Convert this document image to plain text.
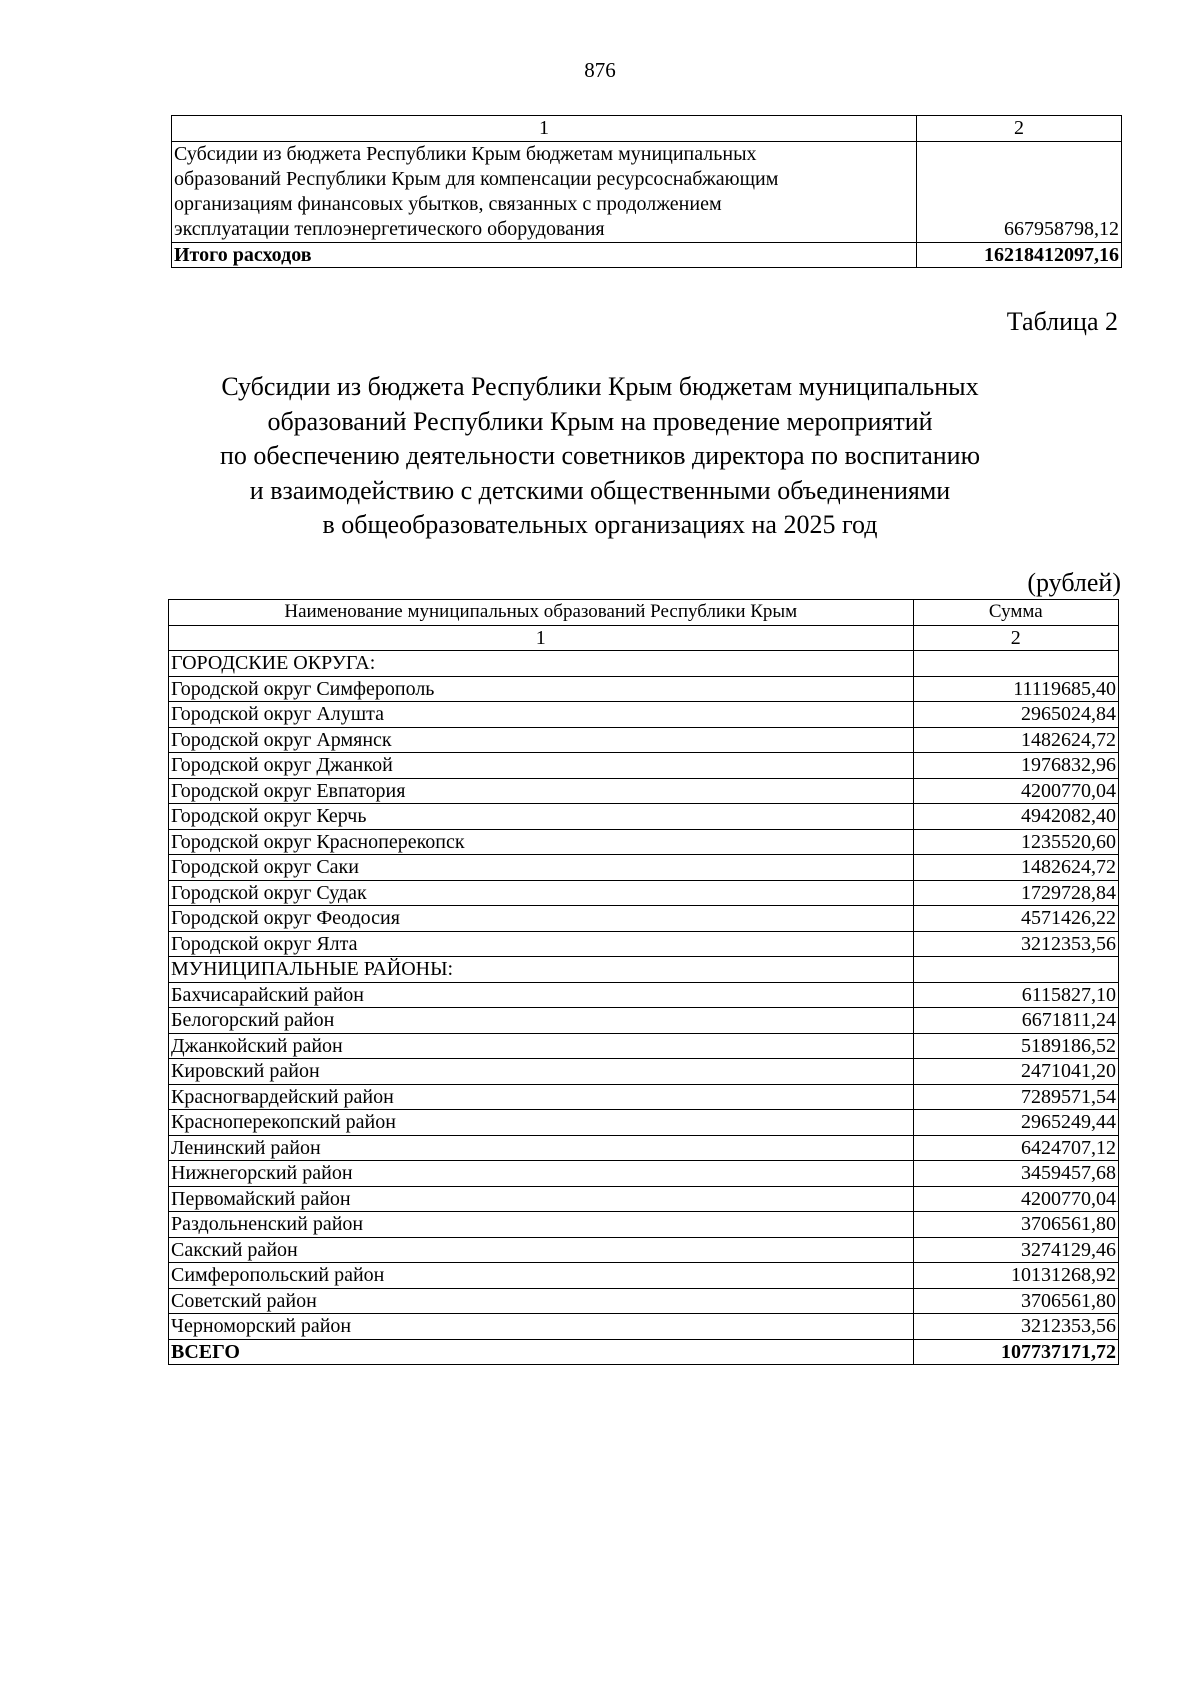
876
1	2

Субсидии из бюджета Республики Крым бюджетам муниципальных
образований Республики Крым для компенсации ресурсоснабжающим
организациям финансовых убытков, связанных с продолжением
эксплуатации теплоэнергетического оборудования	667958798,12
Итого расходов	16218412097,16
Таблица 2
Субсидии из бюджета Республики Крым бюджетам муниципальных
образований Республики Крым на проведение мероприятий
по обеспечению деятельности советников директора по воспитанию
и взаимодействию с детскими общественными объединениями
в общеобразовательных организациях на 2025 год
(рублей)
Наименование муниципальных образований Республики Крым	Сумма
1	2
ГОРОДСКИЕ ОКРУГА:	
Городской округ Симферополь	11119685,40
Городской округ Алушта	2965024,84
Городской округ Армянск	1482624,72
Городской округ Джанкой	1976832,96
Городской округ Евпатория	4200770,04
Городской округ Керчь	4942082,40
Городской округ Красноперекопск	1235520,60
Городской округ Саки	1482624,72
Городской округ Судак	1729728,84
Городской округ Феодосия	4571426,22
Городской округ Ялта	3212353,56
МУНИЦИПАЛЬНЫЕ РАЙОНЫ:	
Бахчисарайский район	6115827,10
Белогорский район	6671811,24
Джанкойский район	5189186,52
Кировский район	2471041,20
Красногвардейский район	7289571,54
Красноперекопский район	2965249,44
Ленинский район	6424707,12
Нижнегорский район	3459457,68
Первомайский район	4200770,04
Раздольненский район	3706561,80
Сакский район	3274129,46
Симферопольский район	10131268,92
Советский район	3706561,80
Черноморский район	3212353,56
ВСЕГО	107737171,72
